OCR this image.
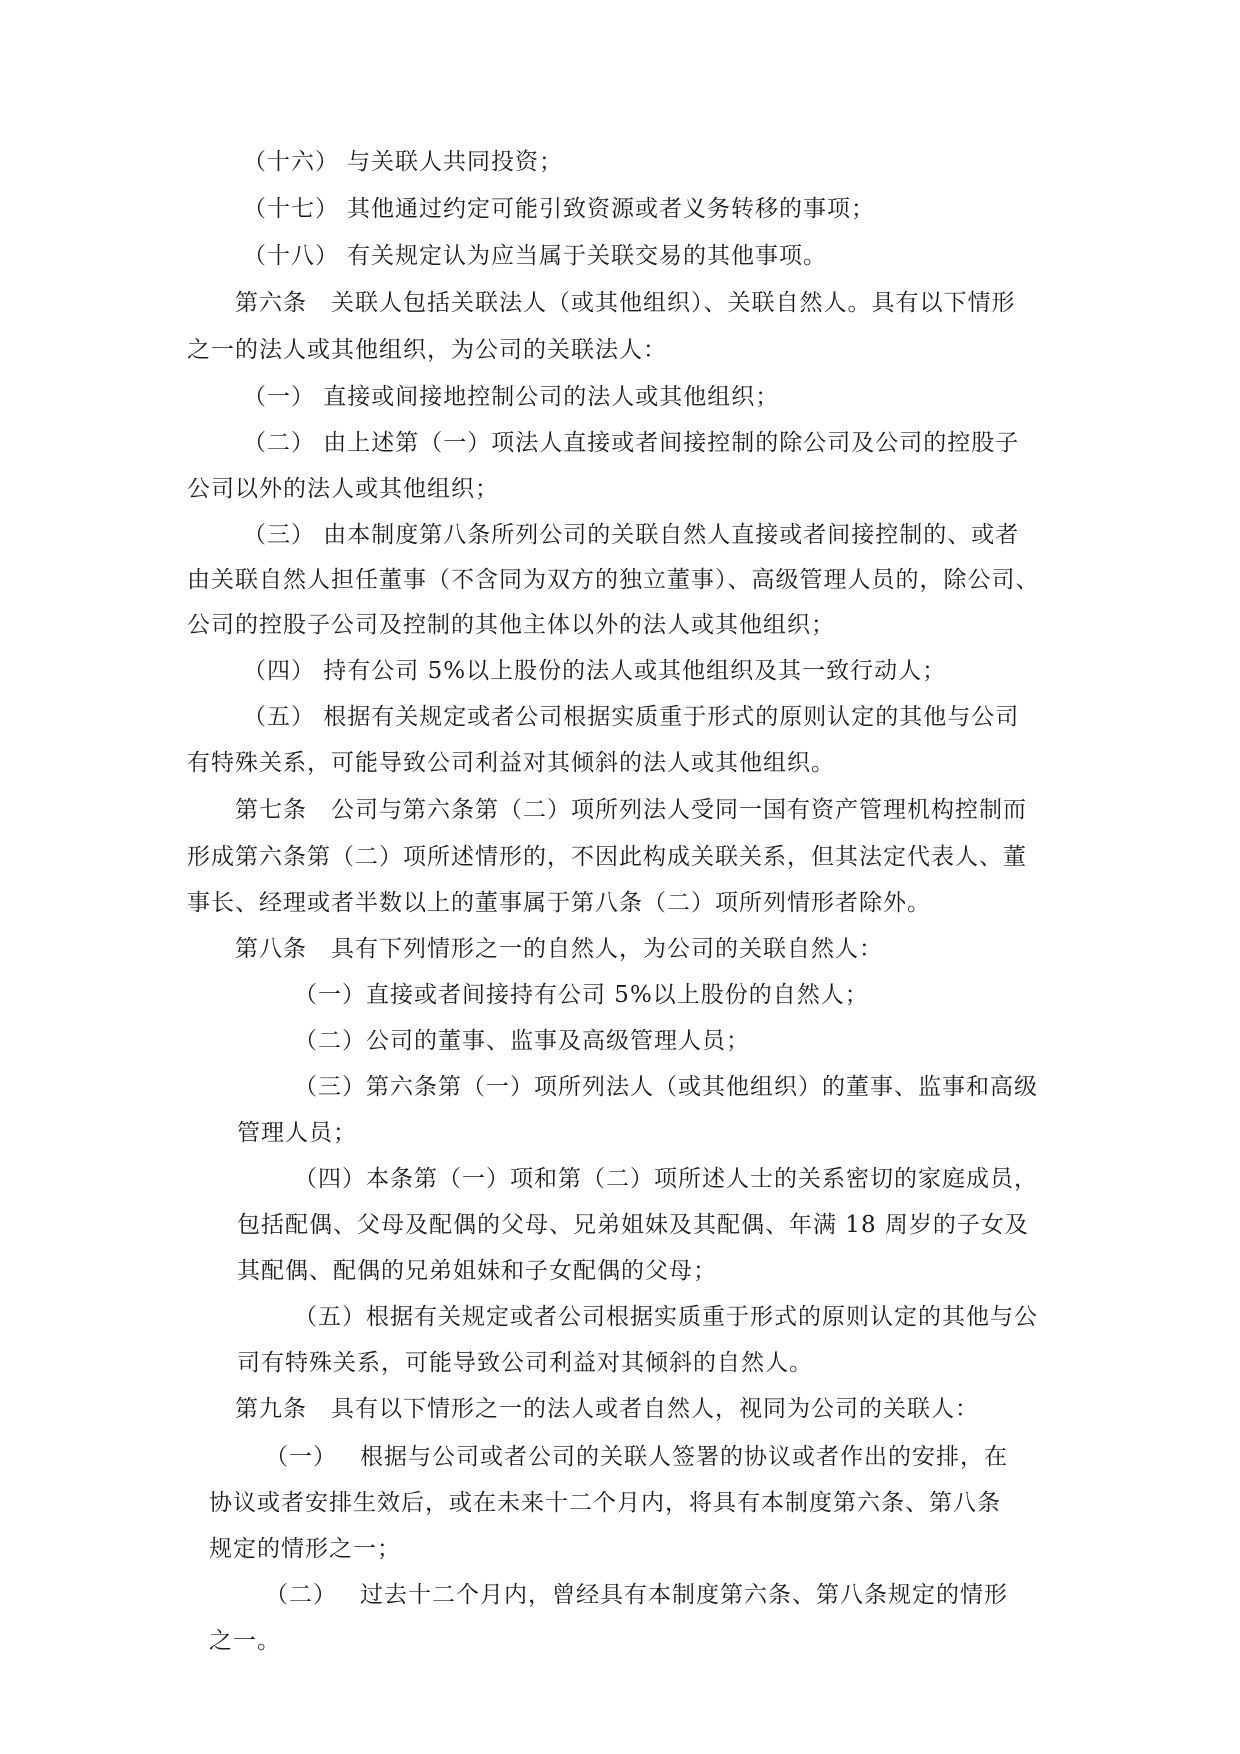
（十六） 与关联人共同投资；
（十七） 其他通过约定可能引致资源或者义务转移的事项；
（十八） 有关规定认为应当属于关联交易的其他事项。
第六条　关联人包括关联法人（或其他组织）、关联自然人。具有以下情形
之一的法人或其他组织，为公司的关联法人：
（一） 直接或间接地控制公司的法人或其他组织；
（二） 由上述第（一）项法人直接或者间接控制的除公司及公司的控股子
公司以外的法人或其他组织；
（三） 由本制度第八条所列公司的关联自然人直接或者间接控制的、或者
由关联自然人担任董事（不含同为双方的独立董事）、高级管理人员的，除公司、
公司的控股子公司及控制的其他主体以外的法人或其他组织；
（四） 持有公司 5%以上股份的法人或其他组织及其一致行动人；
（五） 根据有关规定或者公司根据实质重于形式的原则认定的其他与公司
有特殊关系，可能导致公司利益对其倾斜的法人或其他组织。
第七条　公司与第六条第（二）项所列法人受同一国有资产管理机构控制而
形成第六条第（二）项所述情形的，不因此构成关联关系，但其法定代表人、董
事长、经理或者半数以上的董事属于第八条（二）项所列情形者除外。
第八条　具有下列情形之一的自然人，为公司的关联自然人：
（一）直接或者间接持有公司 5%以上股份的自然人；
（二）公司的董事、监事及高级管理人员；
（三）第六条第（一）项所列法人（或其他组织）的董事、监事和高级
管理人员；
（四）本条第（一）项和第（二）项所述人士的关系密切的家庭成员，
包括配偶、父母及配偶的父母、兄弟姐妹及其配偶、年满 18 周岁的子女及
其配偶、配偶的兄弟姐妹和子女配偶的父母；
（五）根据有关规定或者公司根据实质重于形式的原则认定的其他与公
司有特殊关系，可能导致公司利益对其倾斜的自然人。
第九条　具有以下情形之一的法人或者自然人，视同为公司的关联人：
（一） 根据与公司或者公司的关联人签署的协议或者作出的安排，在
协议或者安排生效后，或在未来十二个月内，将具有本制度第六条、第八条
规定的情形之一；
（二） 过去十二个月内，曾经具有本制度第六条、第八条规定的情形
之一。
